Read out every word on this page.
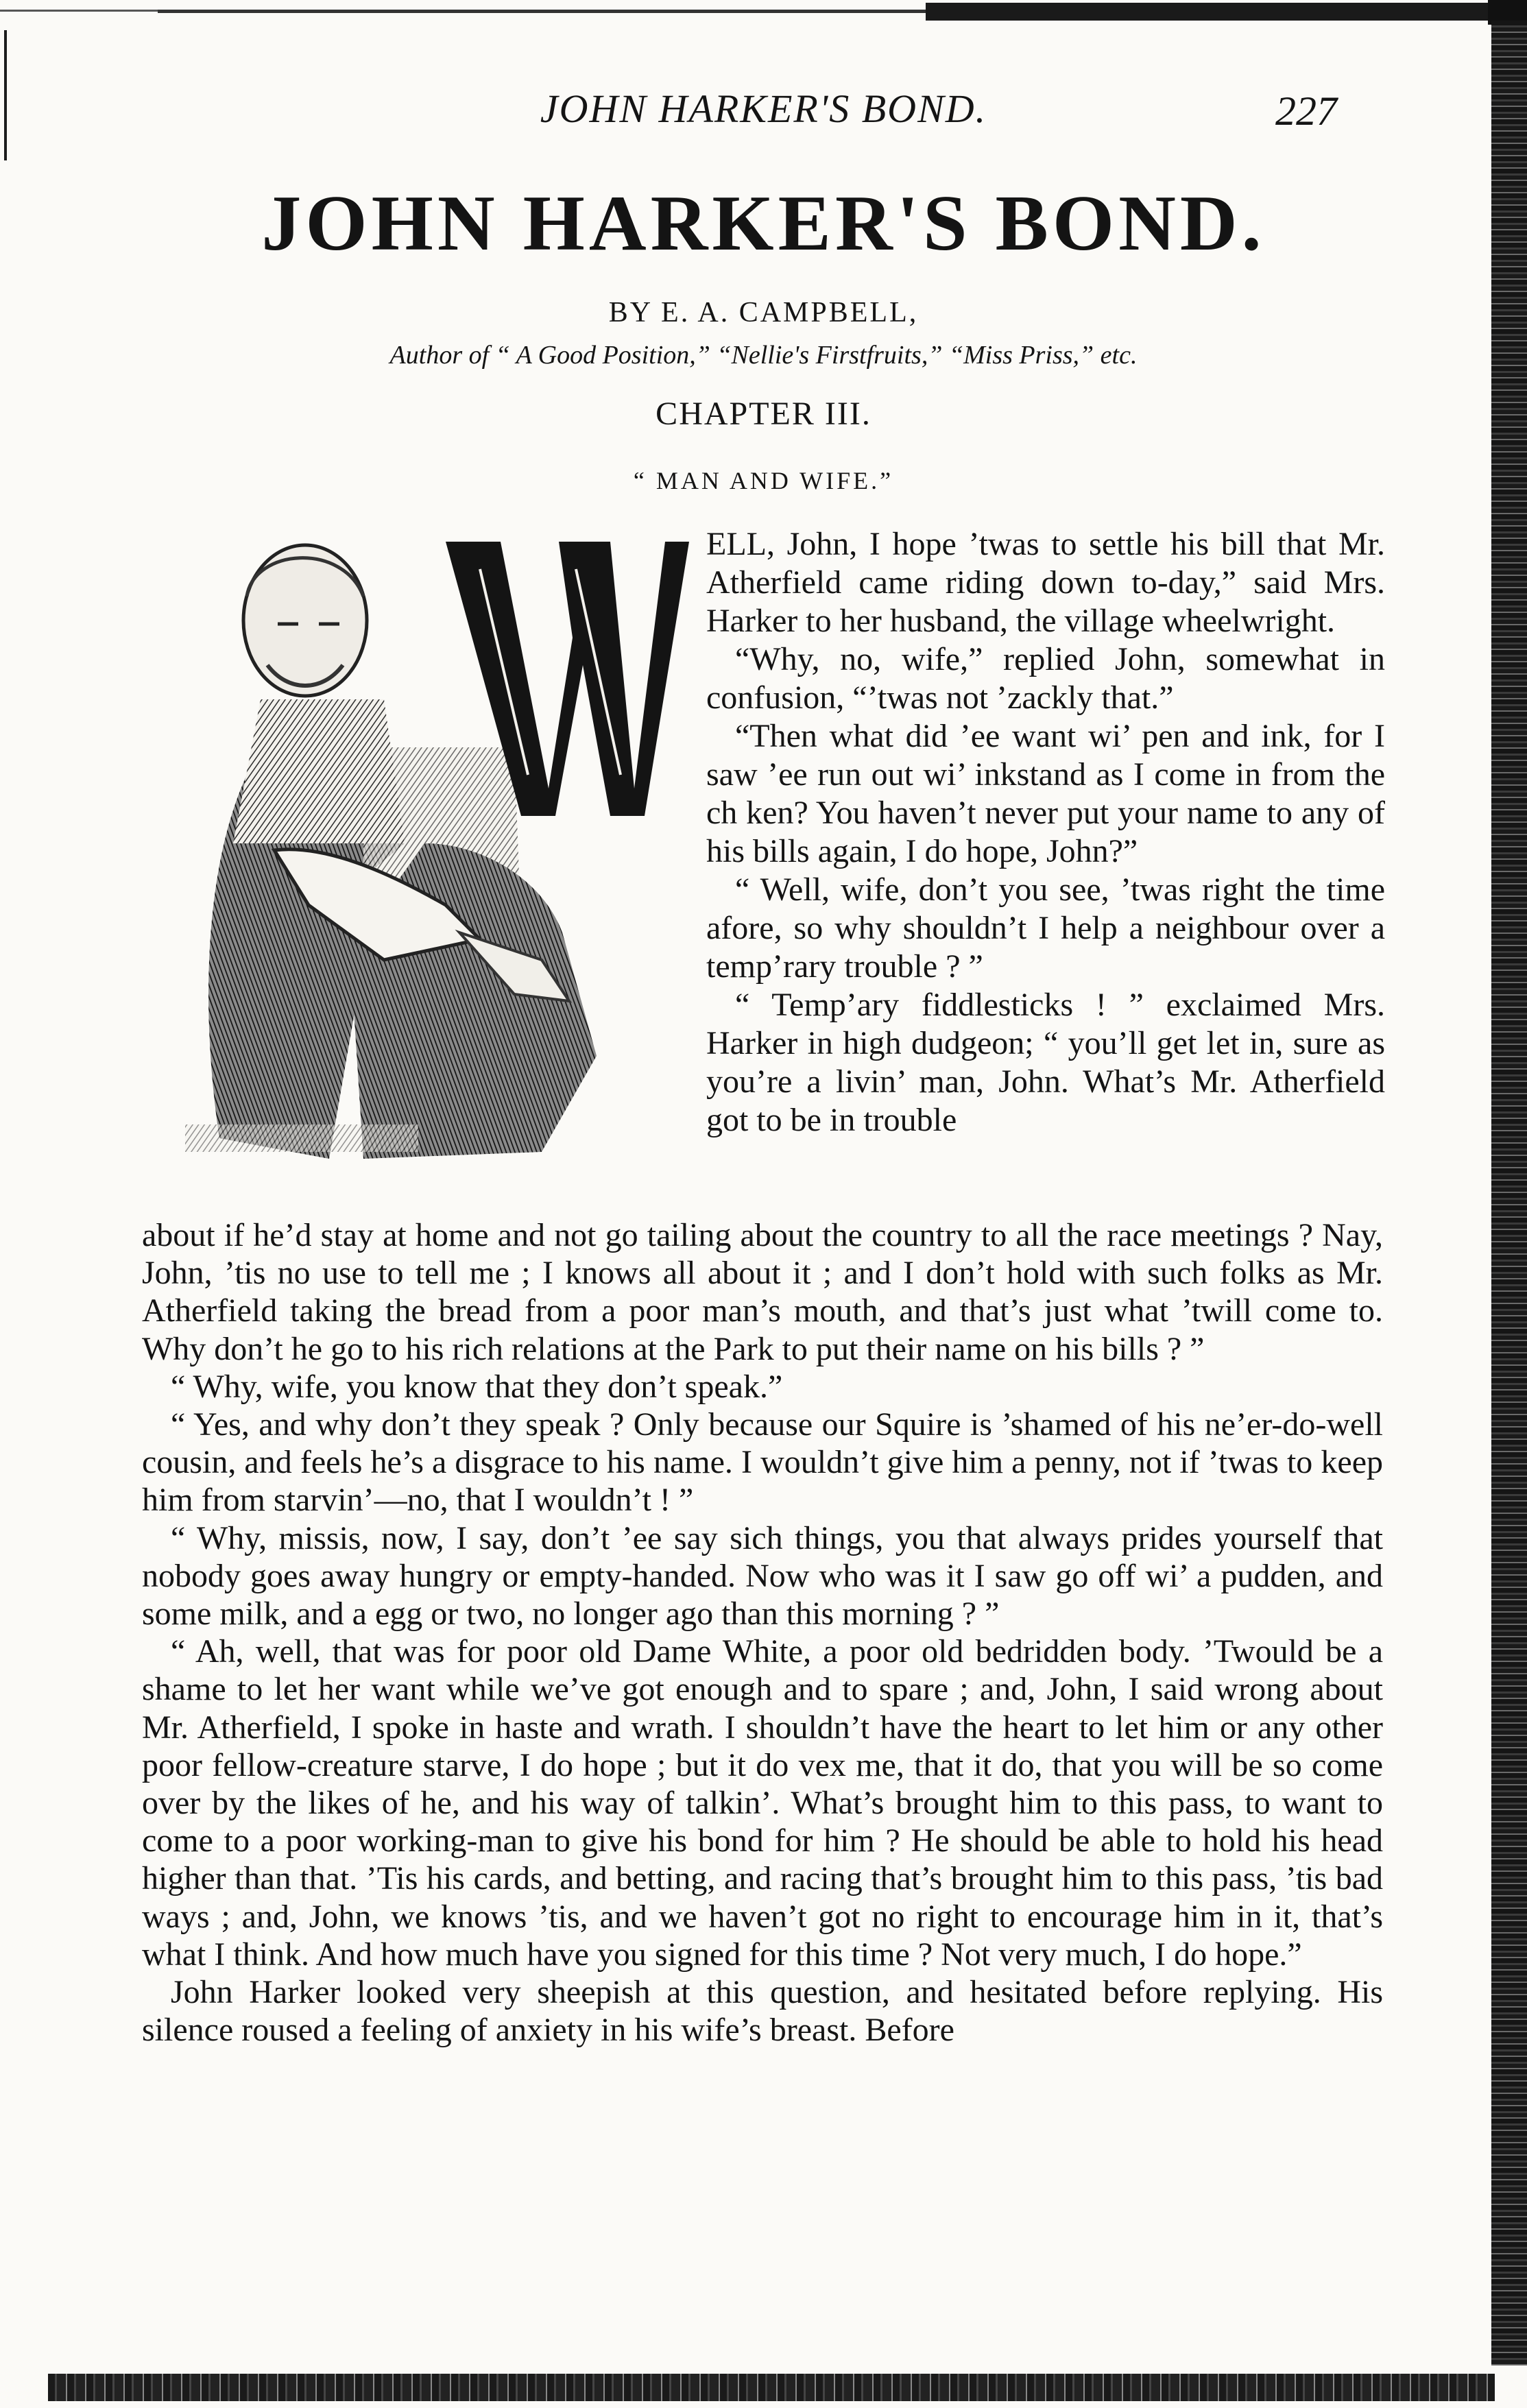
JOHN HARKER'S BOND.	227
JOHN HARKER'S BOND.
BY E. A. CAMPBELL,
Author of “ A Good Position,” “Nellie's Firstfruits,” “Miss Priss,” etc.
CHAPTER III.
“ MAN AND WIFE.”

ELL, John, I hope ’twas to settle his bill that Mr. Atherfield came riding down to-day,” said Mrs. Harker to her husband, the village wheelwright.

“Why, no, wife,” replied John, somewhat in confusion, “’twas not ’zackly that.”

“Then what did ’ee want wi’ pen and ink, for I saw ’ee run out wi’ inkstand as I come in from the ch ken? You haven’t never put your name to any of his bills again, I do hope, John?”

“ Well, wife, don’t you see, ’twas right the time afore, so why shouldn’t I help a neighbour over a temp’rary trouble ? ”

“ Temp’ary fiddlesticks ! ” exclaimed Mrs. Harker in high dudgeon; “ you’ll get let in, sure as you’re a livin’ man, John. What’s Mr. Atherfield got to be in trouble

about if he’d stay at home and not go tailing about the country to all the race meetings ? Nay, John, ’tis no use to tell me ; I knows all about it ; and I don’t hold with such folks as Mr. Atherfield taking the bread from a poor man’s mouth, and that’s just what ’twill come to. Why don’t he go to his rich relations at the Park to put their name on his bills ? ”

“ Why, wife, you know that they don’t speak.”

“ Yes, and why don’t they speak ? Only because our Squire is ’shamed of his ne’er-do-well cousin, and feels he’s a disgrace to his name. I wouldn’t give him a penny, not if ’twas to keep him from starvin’—no, that I wouldn’t ! ”

“ Why, missis, now, I say, don’t ’ee say sich things, you that always prides yourself that nobody goes away hungry or empty-handed. Now who was it I saw go off wi’ a pudden, and some milk, and a egg or two, no longer ago than this morning ? ”

“ Ah, well, that was for poor old Dame White, a poor old bedridden body. ’Twould be a shame to let her want while we’ve got enough and to spare ; and, John, I said wrong about Mr. Atherfield, I spoke in haste and wrath. I shouldn’t have the heart to let him or any other poor fellow-creature starve, I do hope ; but it do vex me, that it do, that you will be so come over by the likes of he, and his way of talkin’. What’s brought him to this pass, to want to come to a poor working-man to give his bond for him ? He should be able to hold his head higher than that. ’Tis his cards, and betting, and racing that’s brought him to this pass, ’tis bad ways ; and, John, we knows ’tis, and we haven’t got no right to encourage him in it, that’s what I think. And how much have you signed for this time ? Not very much, I do hope.”

John Harker looked very sheepish at this question, and hesitated before replying. His silence roused a feeling of anxiety in his wife’s breast. Before
